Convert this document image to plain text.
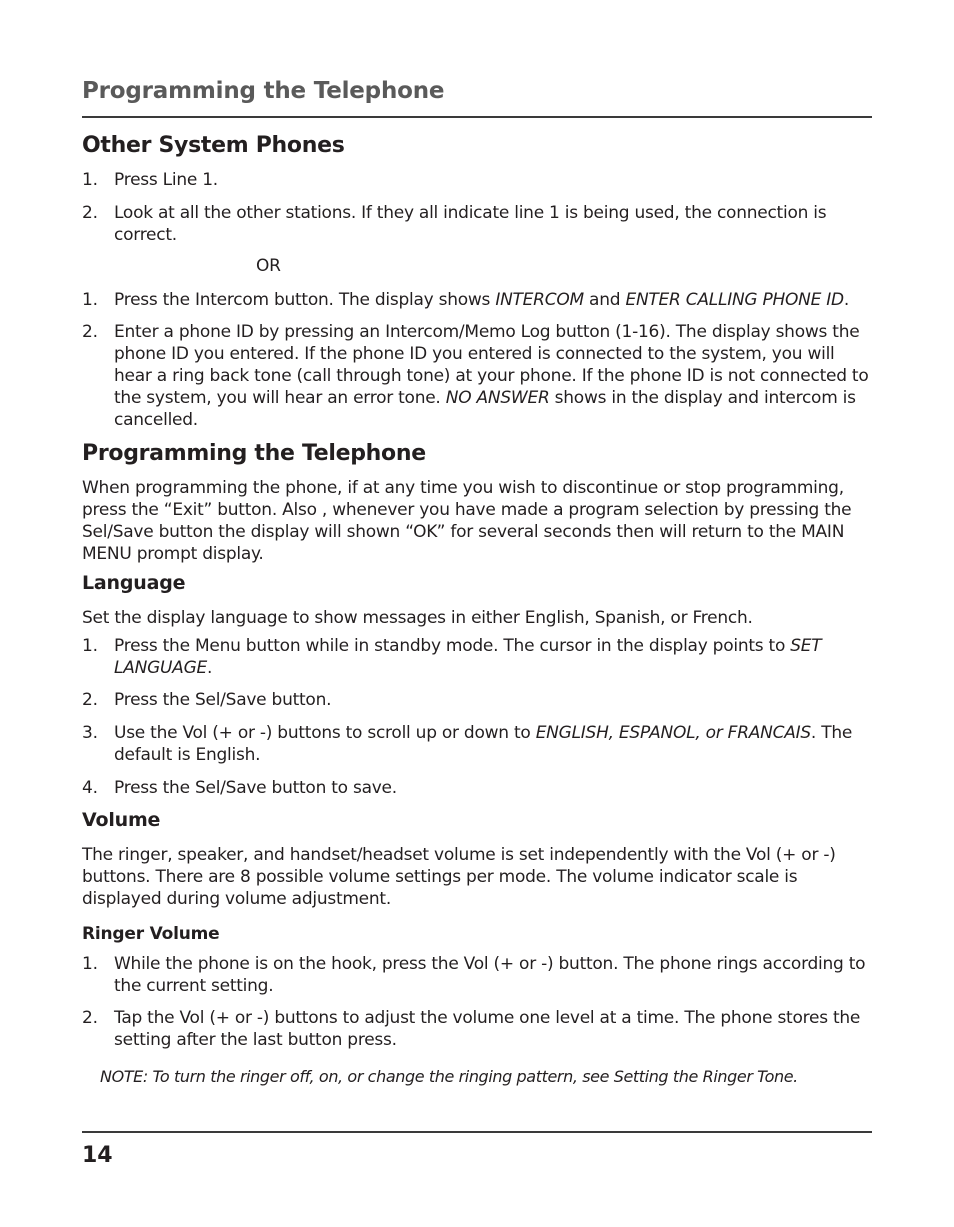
Programming the Telephone
Other System Phones
1. Press Line 1.
2. Look at all the other stations. If they all indicate line 1 is being used, the connection is correct.
OR
1. Press the Intercom button. The display shows INTERCOM and ENTER CALLING PHONE ID.
2. Enter a phone ID by pressing an Intercom/Memo Log button (1-16). The display shows the phone ID you entered. If the phone ID you entered is connected to the system, you will hear a ring back tone (call through tone) at your phone. If the phone ID is not connected to the system, you will hear an error tone. NO ANSWER shows in the display and intercom is cancelled.
Programming the Telephone

When programming the phone, if at any time you wish to discontinue or stop programming, press the “Exit” button. Also , whenever you have made a program selection by pressing the Sel/Save button the display will shown “OK” for several seconds then will return to the MAIN MENU prompt display.

Language

Set the display language to show messages in either English, Spanish, or French.

1. Press the Menu button while in standby mode. The cursor in the display points to SET LANGUAGE.
2. Press the Sel/Save button.
3. Use the Vol (+ or -) buttons to scroll up or down to ENGLISH, ESPANOL, or FRANCAIS. The default is English.
4. Press the Sel/Save button to save.
Volume

The ringer, speaker, and handset/headset volume is set independently with the Vol (+ or -) buttons. There are 8 possible volume settings per mode. The volume indicator scale is displayed during volume adjustment.

Ringer Volume
1. While the phone is on the hook, press the Vol (+ or -) button. The phone rings according to the current setting.
2. Tap the Vol (+ or -) buttons to adjust the volume one level at a time. The phone stores the setting after the last button press.
NOTE: To turn the ringer off, on, or change the ringing pattern, see Setting the Ringer Tone.
14
